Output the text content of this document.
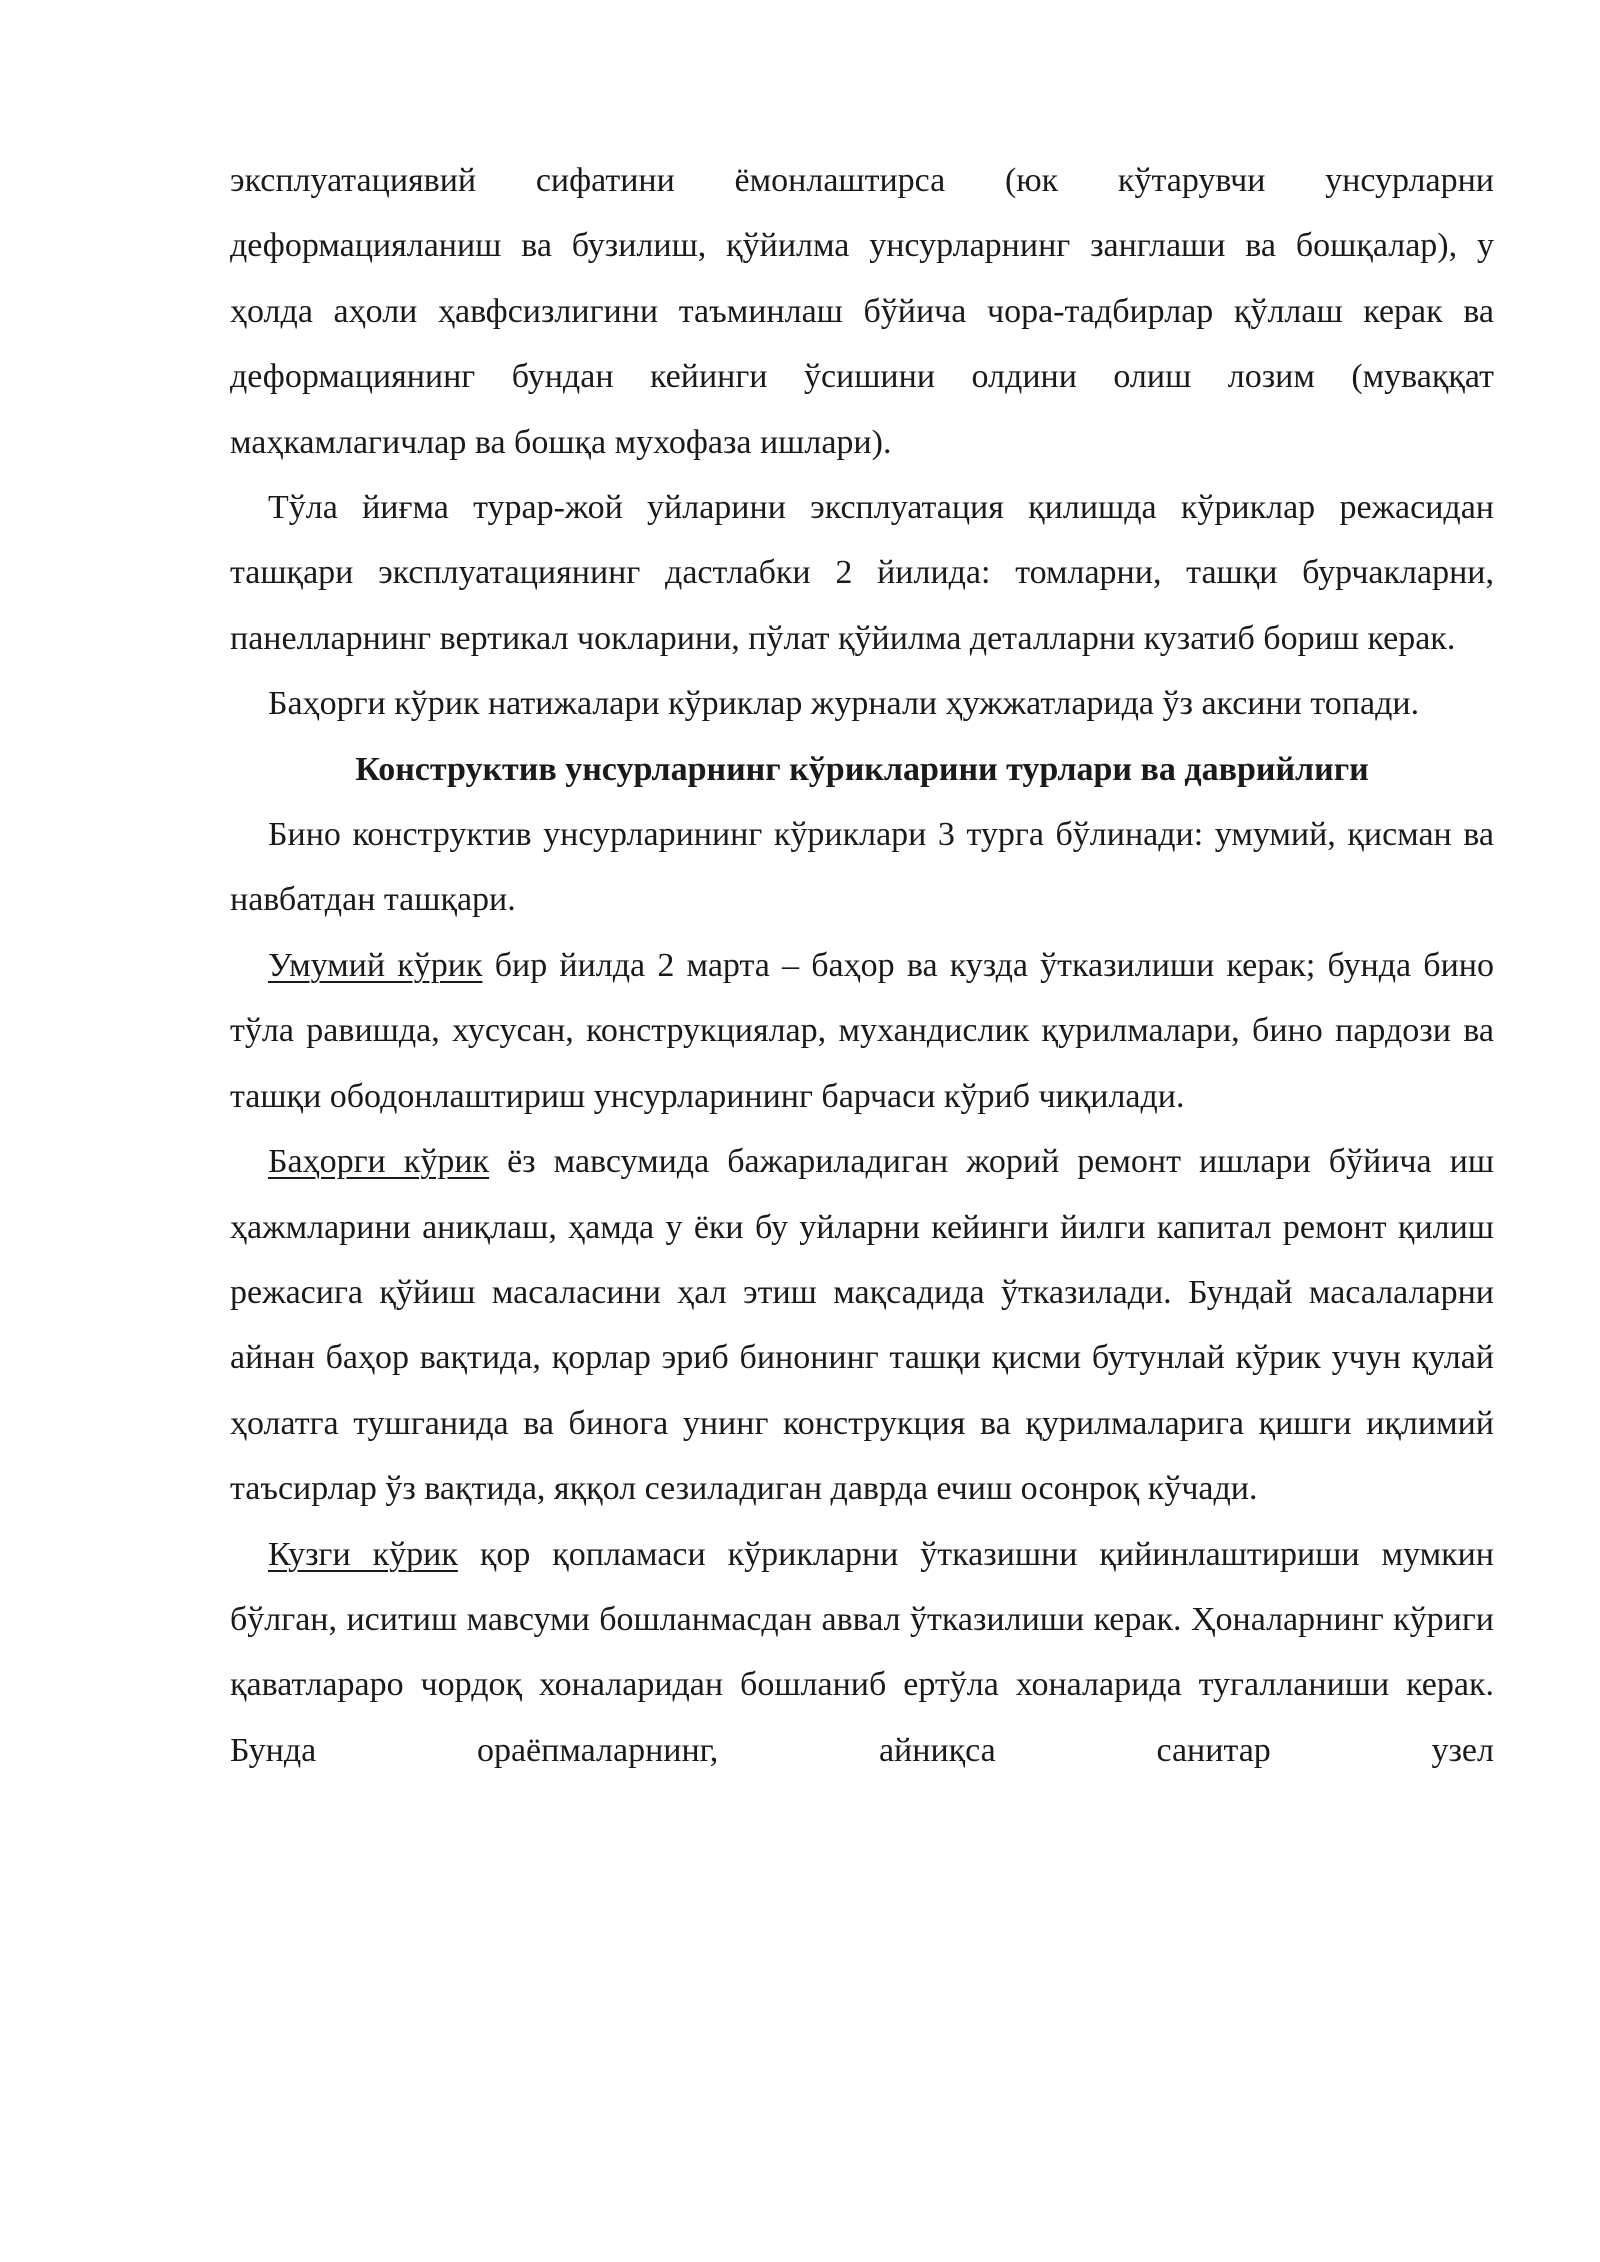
эксплуатациявий сифатини ёмонлаштирса (юк кўтарувчи унсурларни деформацияланиш ва бузилиш, қўйилма унсурларнинг занглаши ва бошқалар), у ҳолда аҳоли ҳавфсизлигини таъминлаш бўйича чора-тадбирлар қўллаш керак ва деформациянинг бундан кейинги ўсишини олдини олиш лозим (муваққат маҳкамлагичлар ва бошқа мухофаза ишлари).

Тўла йиғма турар-жой уйларини эксплуатация қилишда кўриклар режасидан ташқари эксплуатациянинг дастлабки 2 йилида: томларни, ташқи бурчакларни, панелларнинг вертикал чокларини, пўлат қўйилма деталларни кузатиб бориш керак.

Баҳорги кўрик натижалари кўриклар журнали ҳужжатларида ўз аксини топади.

Конструктив унсурларнинг кўрикларини турлари ва даврийлиги

Бино конструктив унсурларининг кўриклари 3 турга бўлинади: умумий, қисман ва навбатдан ташқари.

Умумий кўрик бир йилда 2 марта – баҳор ва кузда ўтказилиши керак; бунда бино тўла равишда, хусусан, конструкциялар, мухандислик қурилмалари, бино пардози ва ташқи ободонлаштириш унсурларининг барчаси кўриб чиқилади.

Баҳорги кўрик ёз мавсумида бажариладиган жорий ремонт ишлари бўйича иш ҳажмларини аниқлаш, ҳамда у ёки бу уйларни кейинги йилги капитал ремонт қилиш режасига қўйиш масаласини ҳал этиш мақсадида ўтказилади. Бундай масалаларни айнан баҳор вақтида, қорлар эриб бинонинг ташқи қисми бутунлай кўрик учун қулай ҳолатга тушганида ва бинога унинг конструкция ва қурилмаларига қишги иқлимий таъсирлар ўз вақтида, яққол сезиладиган даврда ечиш осонроқ кўчади.

Кузги кўрик қор қопламаси кўрикларни ўтказишни қийинлаштириши мумкин бўлган, иситиш мавсуми бошланмасдан аввал ўтказилиши керак. Ҳоналарнинг кўриги қаватлараро чордоқ хоналаридан бошланиб ертўла хоналарида тугалланиши керак. Бунда ораёпмаларнинг, айниқса санитар узел
